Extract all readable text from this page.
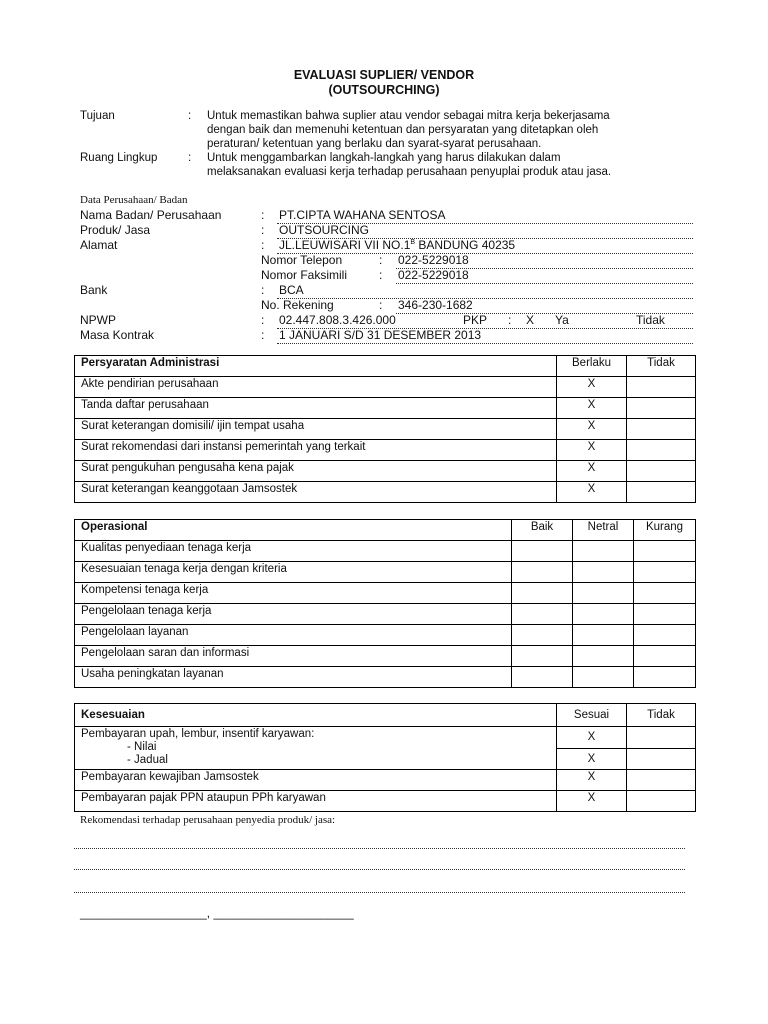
EVALUASI SUPLIER/ VENDOR
(OUTSOURCHING)
Tujuan	: Untuk memastikan bahwa suplier atau vendor sebagai mitra kerja bekerjasama
dengan baik dan memenuhi ketentuan dan persyaratan yang ditetapkan oleh
peraturan/ ketentuan yang berlaku dan syarat-syarat perusahaan.
Ruang Lingkup	: Untuk menggambarkan langkah-langkah yang harus dilakukan dalam
melaksanakan evaluasi kerja terhadap perusahaan penyuplai produk atau jasa.
Data Perusahaan/ Badan
Nama Badan/ Perusahaan	: PT.CIPTA WAHANA SENTOSA
Produk/ Jasa	: OUTSOURCING
Alamat	: JL.LEUWISARI VII $NO.1^B$ BANDUNG 40235
Nomor Telepon	: 022-5229018
Nomor Faksimili	: 022-5229018
Bank	: BCA
No. Rekening	: 346-230-1682
NPWP	: 02.447.808.3.426.000	PKP : X Ya	Tidak
Masa Kontrak	: 1 JANUARI S/D 31 DESEMBER 2013
Persyaratan Administrasi	Berlaku	Tidak
Akte pendirian perusahaan	X	
Tanda daftar perusahaan	X	
Surat keterangan domisili/ ijin tempat usaha	X	
Surat rekomendasi dari instansi pemerintah yang terkait	X	
Surat pengukuhan pengusaha kena pajak	X	
Surat keterangan keanggotaan Jamsostek	X	
Operasional	Baik	Netral	Kurang
Kualitas penyediaan tenaga kerja			
Kesesuaian tenaga kerja dengan kriteria			
Kompetensi tenaga kerja			
Pengelolaan tenaga kerja			
Pengelolaan layanan			
Pengelolaan saran dan informasi			
Usaha peningkatan layanan			
Kesesuaian	Sesuai	Tidak
Pembayaran upah, lembur, insentif karyawan:
- Nilai
- Jadual	X	
	X	
Pembayaran kewajiban Jamsostek	X	
Pembayaran pajak PPN ataupun PPh karyawan	X	
Rekomendasi terhadap perusahaan penyedia produk/ jasa:
___________________, _____________________
